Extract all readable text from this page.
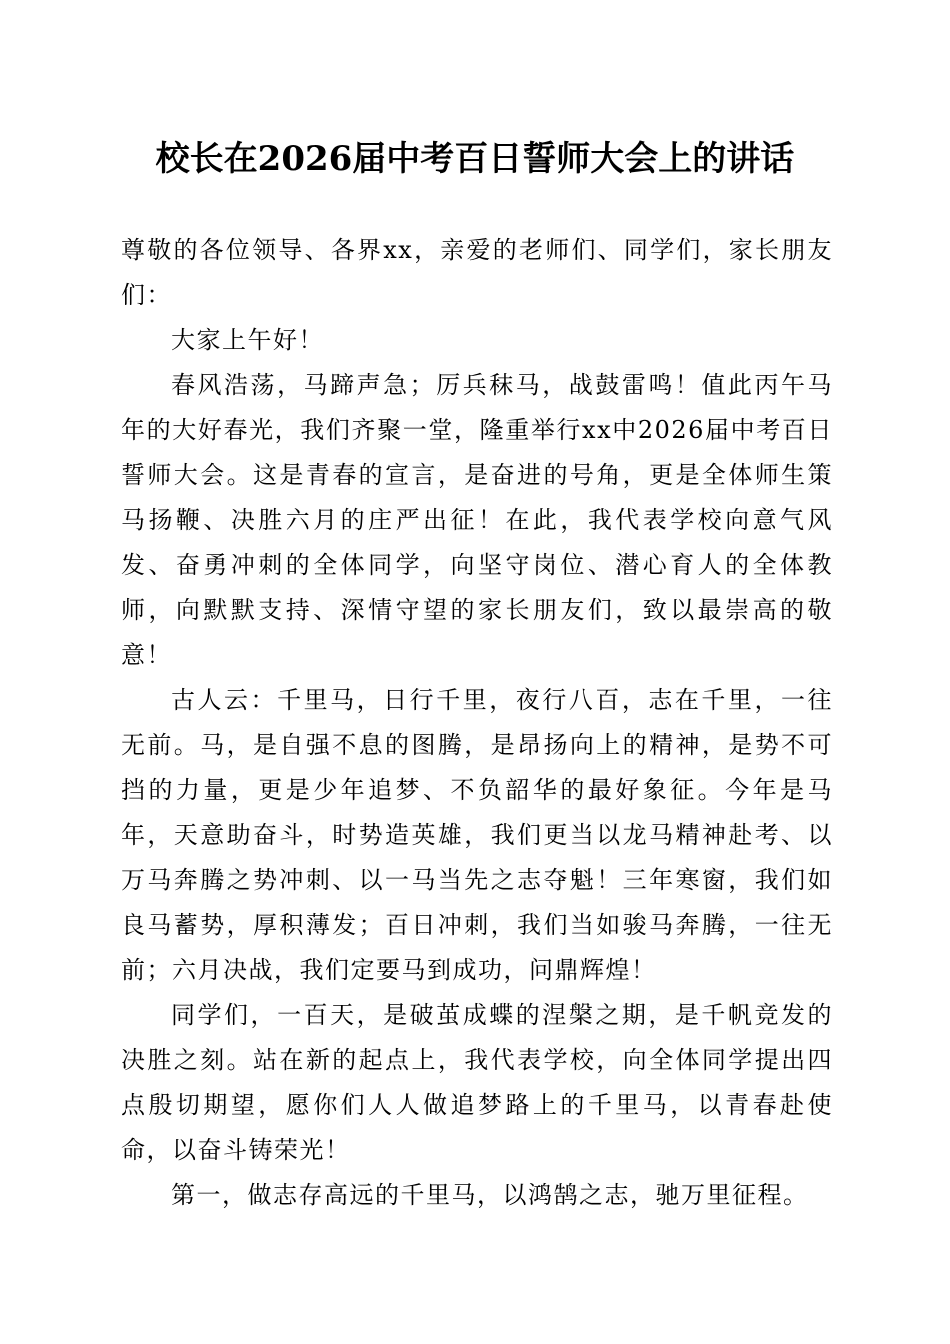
校长在2026届中考百日誓师大会上的讲话

尊敬的各位领导、各界xx，亲爱的老师们、同学们，家长朋友们：

大家上午好！

春风浩荡，马蹄声急；厉兵秣马，战鼓雷鸣！值此丙午马年的大好春光，我们齐聚一堂，隆重举行xx中2026届中考百日誓师大会。这是青春的宣言，是奋进的号角，更是全体师生策马扬鞭、决胜六月的庄严出征！在此，我代表学校向意气风发、奋勇冲刺的全体同学，向坚守岗位、潜心育人的全体教师，向默默支持、深情守望的家长朋友们，致以最崇高的敬意！

古人云：千里马，日行千里，夜行八百，志在千里，一往无前。马，是自强不息的图腾，是昂扬向上的精神，是势不可挡的力量，更是少年追梦、不负韶华的最好象征。今年是马年，天意助奋斗，时势造英雄，我们更当以龙马精神赴考、以万马奔腾之势冲刺、以一马当先之志夺魁！三年寒窗，我们如良马蓄势，厚积薄发；百日冲刺，我们当如骏马奔腾，一往无前；六月决战，我们定要马到成功，问鼎辉煌！

同学们，一百天，是破茧成蝶的涅槃之期，是千帆竞发的决胜之刻。站在新的起点上，我代表学校，向全体同学提出四点殷切期望，愿你们人人做追梦路上的千里马，以青春赴使命，以奋斗铸荣光！

第一，做志存高远的千里马，以鸿鹄之志，驰万里征程。
